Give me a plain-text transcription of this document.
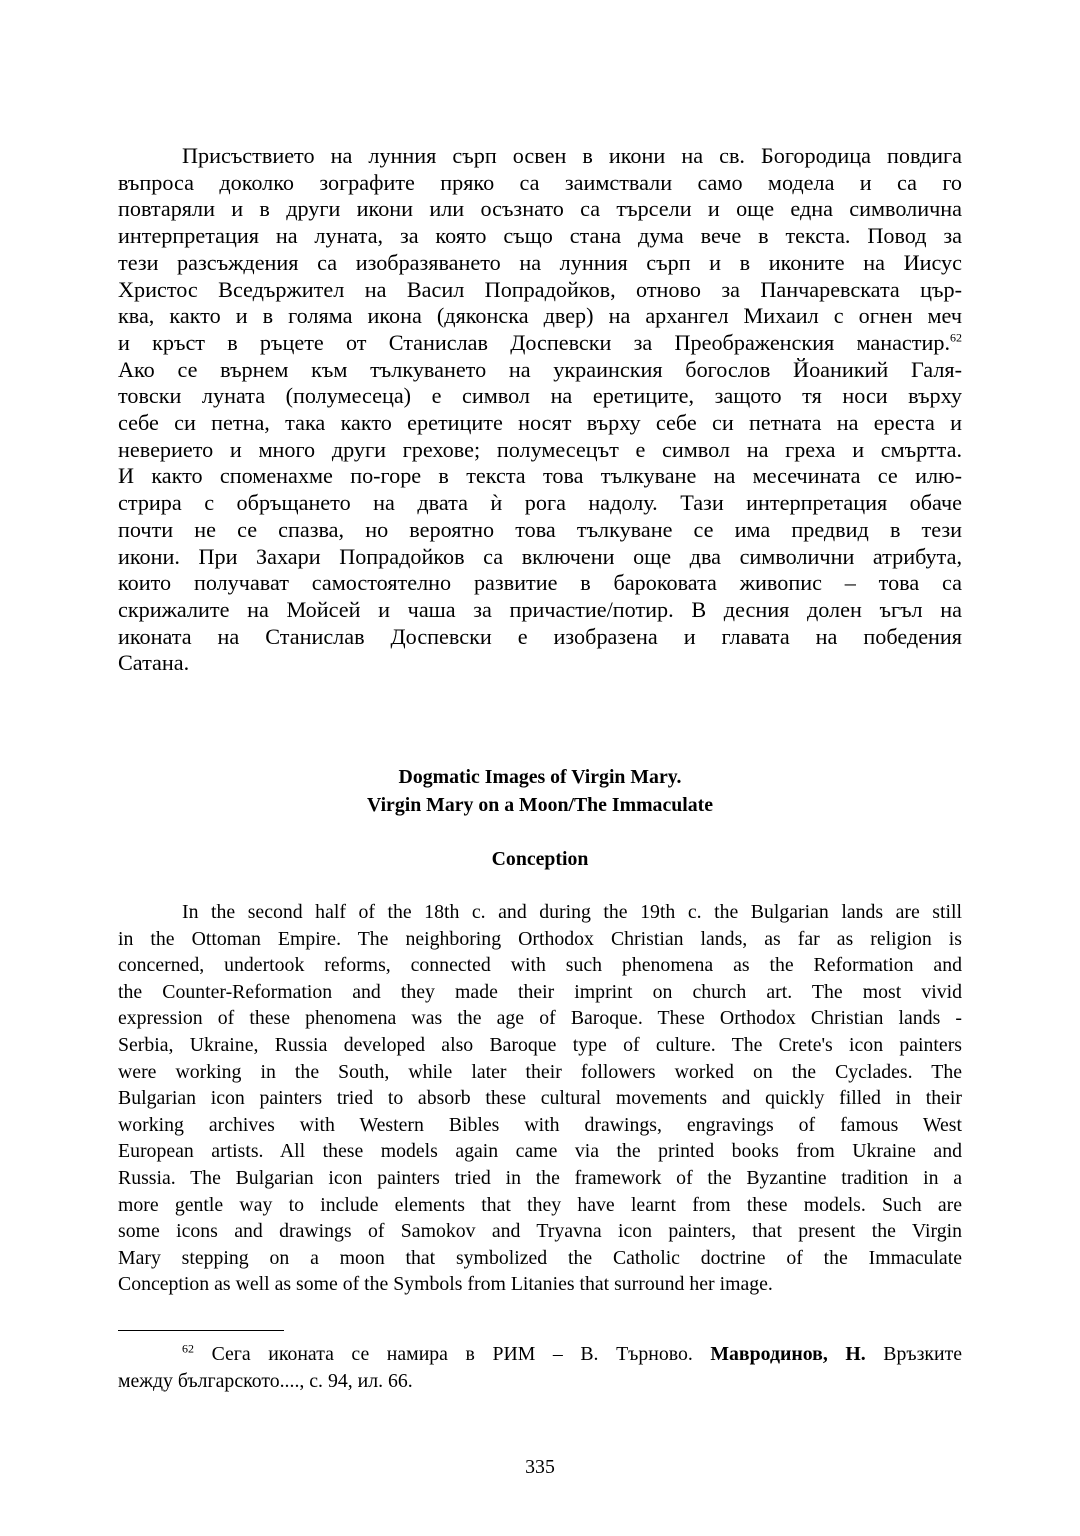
Присъствието на лунния сърп освен в икони на св. Богородица повдига
въпроса доколко зографите пряко са заимствали само модела и са го
повтаряли и в други икони или осъзнато са търсели и още една символична
интерпретация на луната, за която също стана дума вече в текста. Повод за
тези разсъждения са изобразяването на лунния сърп и в иконите на Иисус
Христос Вседържител на Васил Попрадойков, отново за Панчаревската цър-
ква, както и в голяма икона (дяконска двер) на архангел Михаил с огнен меч
и кръст в ръцете от Станислав Доспевски за Преображенския манастир.$^{62}$
Ако се върнем към тълкуването на украинския богослов Йоаникий Галя-
товски луната (полумесеца) е символ на еретиците, защото тя носи върху
себе си петна, така както еретиците носят върху себе си петната на ереста и
неверието и много други грехове; полумесецът е символ на греха и смъртта.
И както споменахме по-горе в текста това тълкуване на месечината се илю-
стрира с обръщането на двата ѝ рога надолу. Тази интерпретация обаче
почти не се спазва, но вероятно това тълкуване се има предвид в тези
икони. При Захари Попрадойков са включени още два символични атрибута,
които получават самостоятелно развитие в бароковата живопис – това са
скрижалите на Мойсей и чаша за причастие/потир. В десния долен ъгъл на
иконата на Станислав Доспевски е изобразена и главата на победения
Сатана.
Dogmatic Images of Virgin Mary.
Virgin Mary on a Moon/The Immaculate
Conception
In the second half of the 18th c. and during the 19th c. the Bulgarian lands are still
in the Ottoman Empire. The neighboring Orthodox Christian lands, as far as religion is
concerned, undertook reforms, connected with such phenomena as the Reformation and
the Counter-Reformation and they made their imprint on church art. The most vivid
expression of these phenomena was the age of Baroque. These Orthodox Christian lands -
Serbia, Ukraine, Russia developed also Baroque type of culture. The Crete's icon painters
were working in the South, while later their followers worked on the Cyclades. The
Bulgarian icon painters tried to absorb these cultural movements and quickly filled in their
working archives with Western Bibles with drawings, engravings of famous West
European artists. All these models again came via the printed books from Ukraine and
Russia. The Bulgarian icon painters tried in the framework of the Byzantine tradition in a
more gentle way to include elements that they have learnt from these models. Such are
some icons and drawings of Samokov and Tryavna icon painters, that present the Virgin
Mary stepping on a moon that symbolized the Catholic doctrine of the Immaculate
Conception as well as some of the Symbols from Litanies that surround her image.
$^{62}$ Сега иконата се намира в РИМ – В. Търново. Мавродинов, Н. Връзките
между българското...., с. 94, ил. 66.
335
